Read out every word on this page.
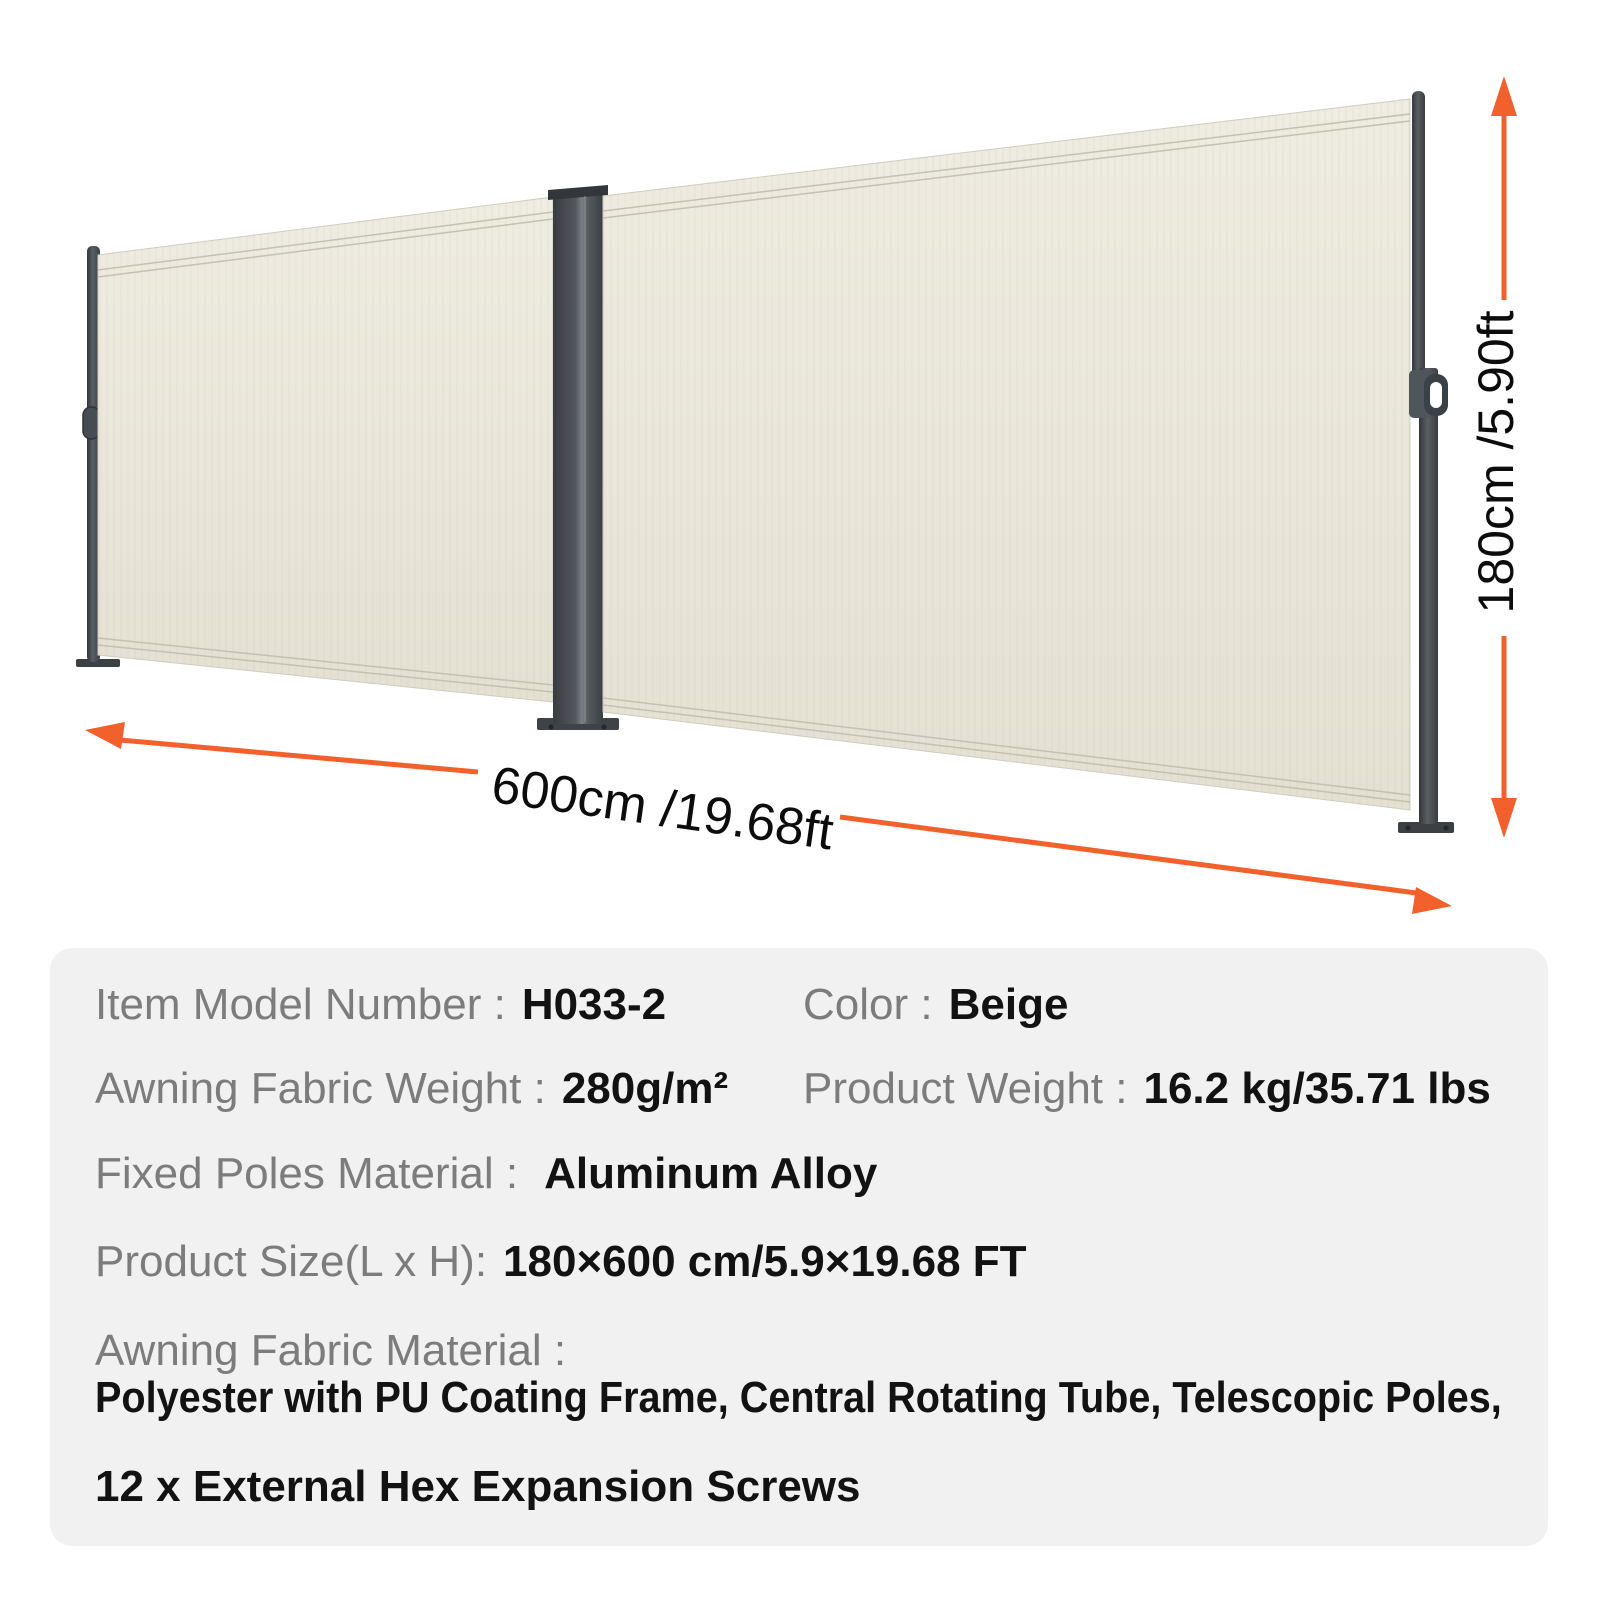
180cm /5.90ft
600cm /19.68ft
Item Model Number : H033-2	Color : Beige
Awning Fabric Weight : 280g/m² Product Weight : 16.2 kg/35.71 lbs
Fixed Poles Material : Aluminum Alloy
Product Size(L x H): 180×600 cm/5.9×19.68 FT
Awning Fabric Material :
Polyester with PU Coating Frame, Central Rotating Tube, Telescopic Poles,
12 x External Hex Expansion Screws
